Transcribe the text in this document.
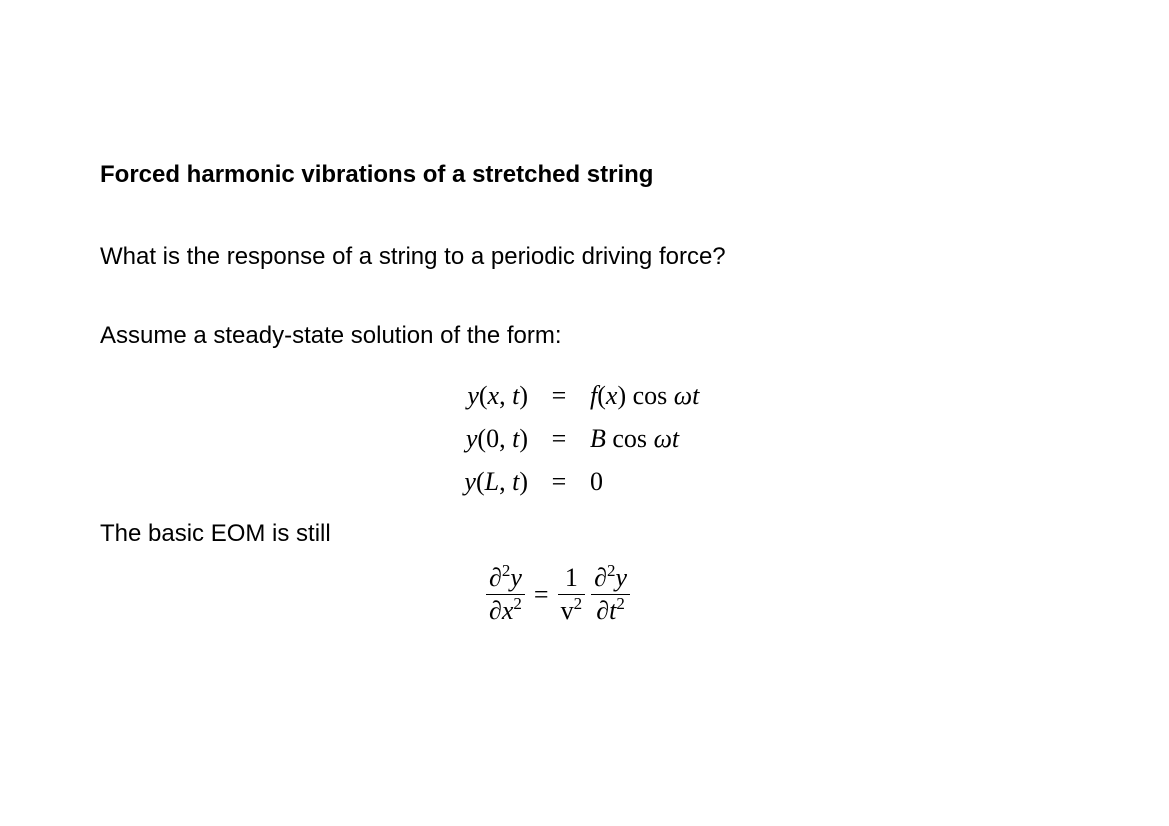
Forced harmonic vibrations of a stretched string
What is the response of a string to a periodic driving force?
Assume a steady-state solution of the form:
y(x, t) = f(x) cos ωt
y(0, t) = B cos ωt
y(L, t) = 0
The basic EOM is still
$\frac{\partial^2y}{\partial x^2} = \frac{1}{v^2} \frac{\partial^2y}{\partial t^2}$
